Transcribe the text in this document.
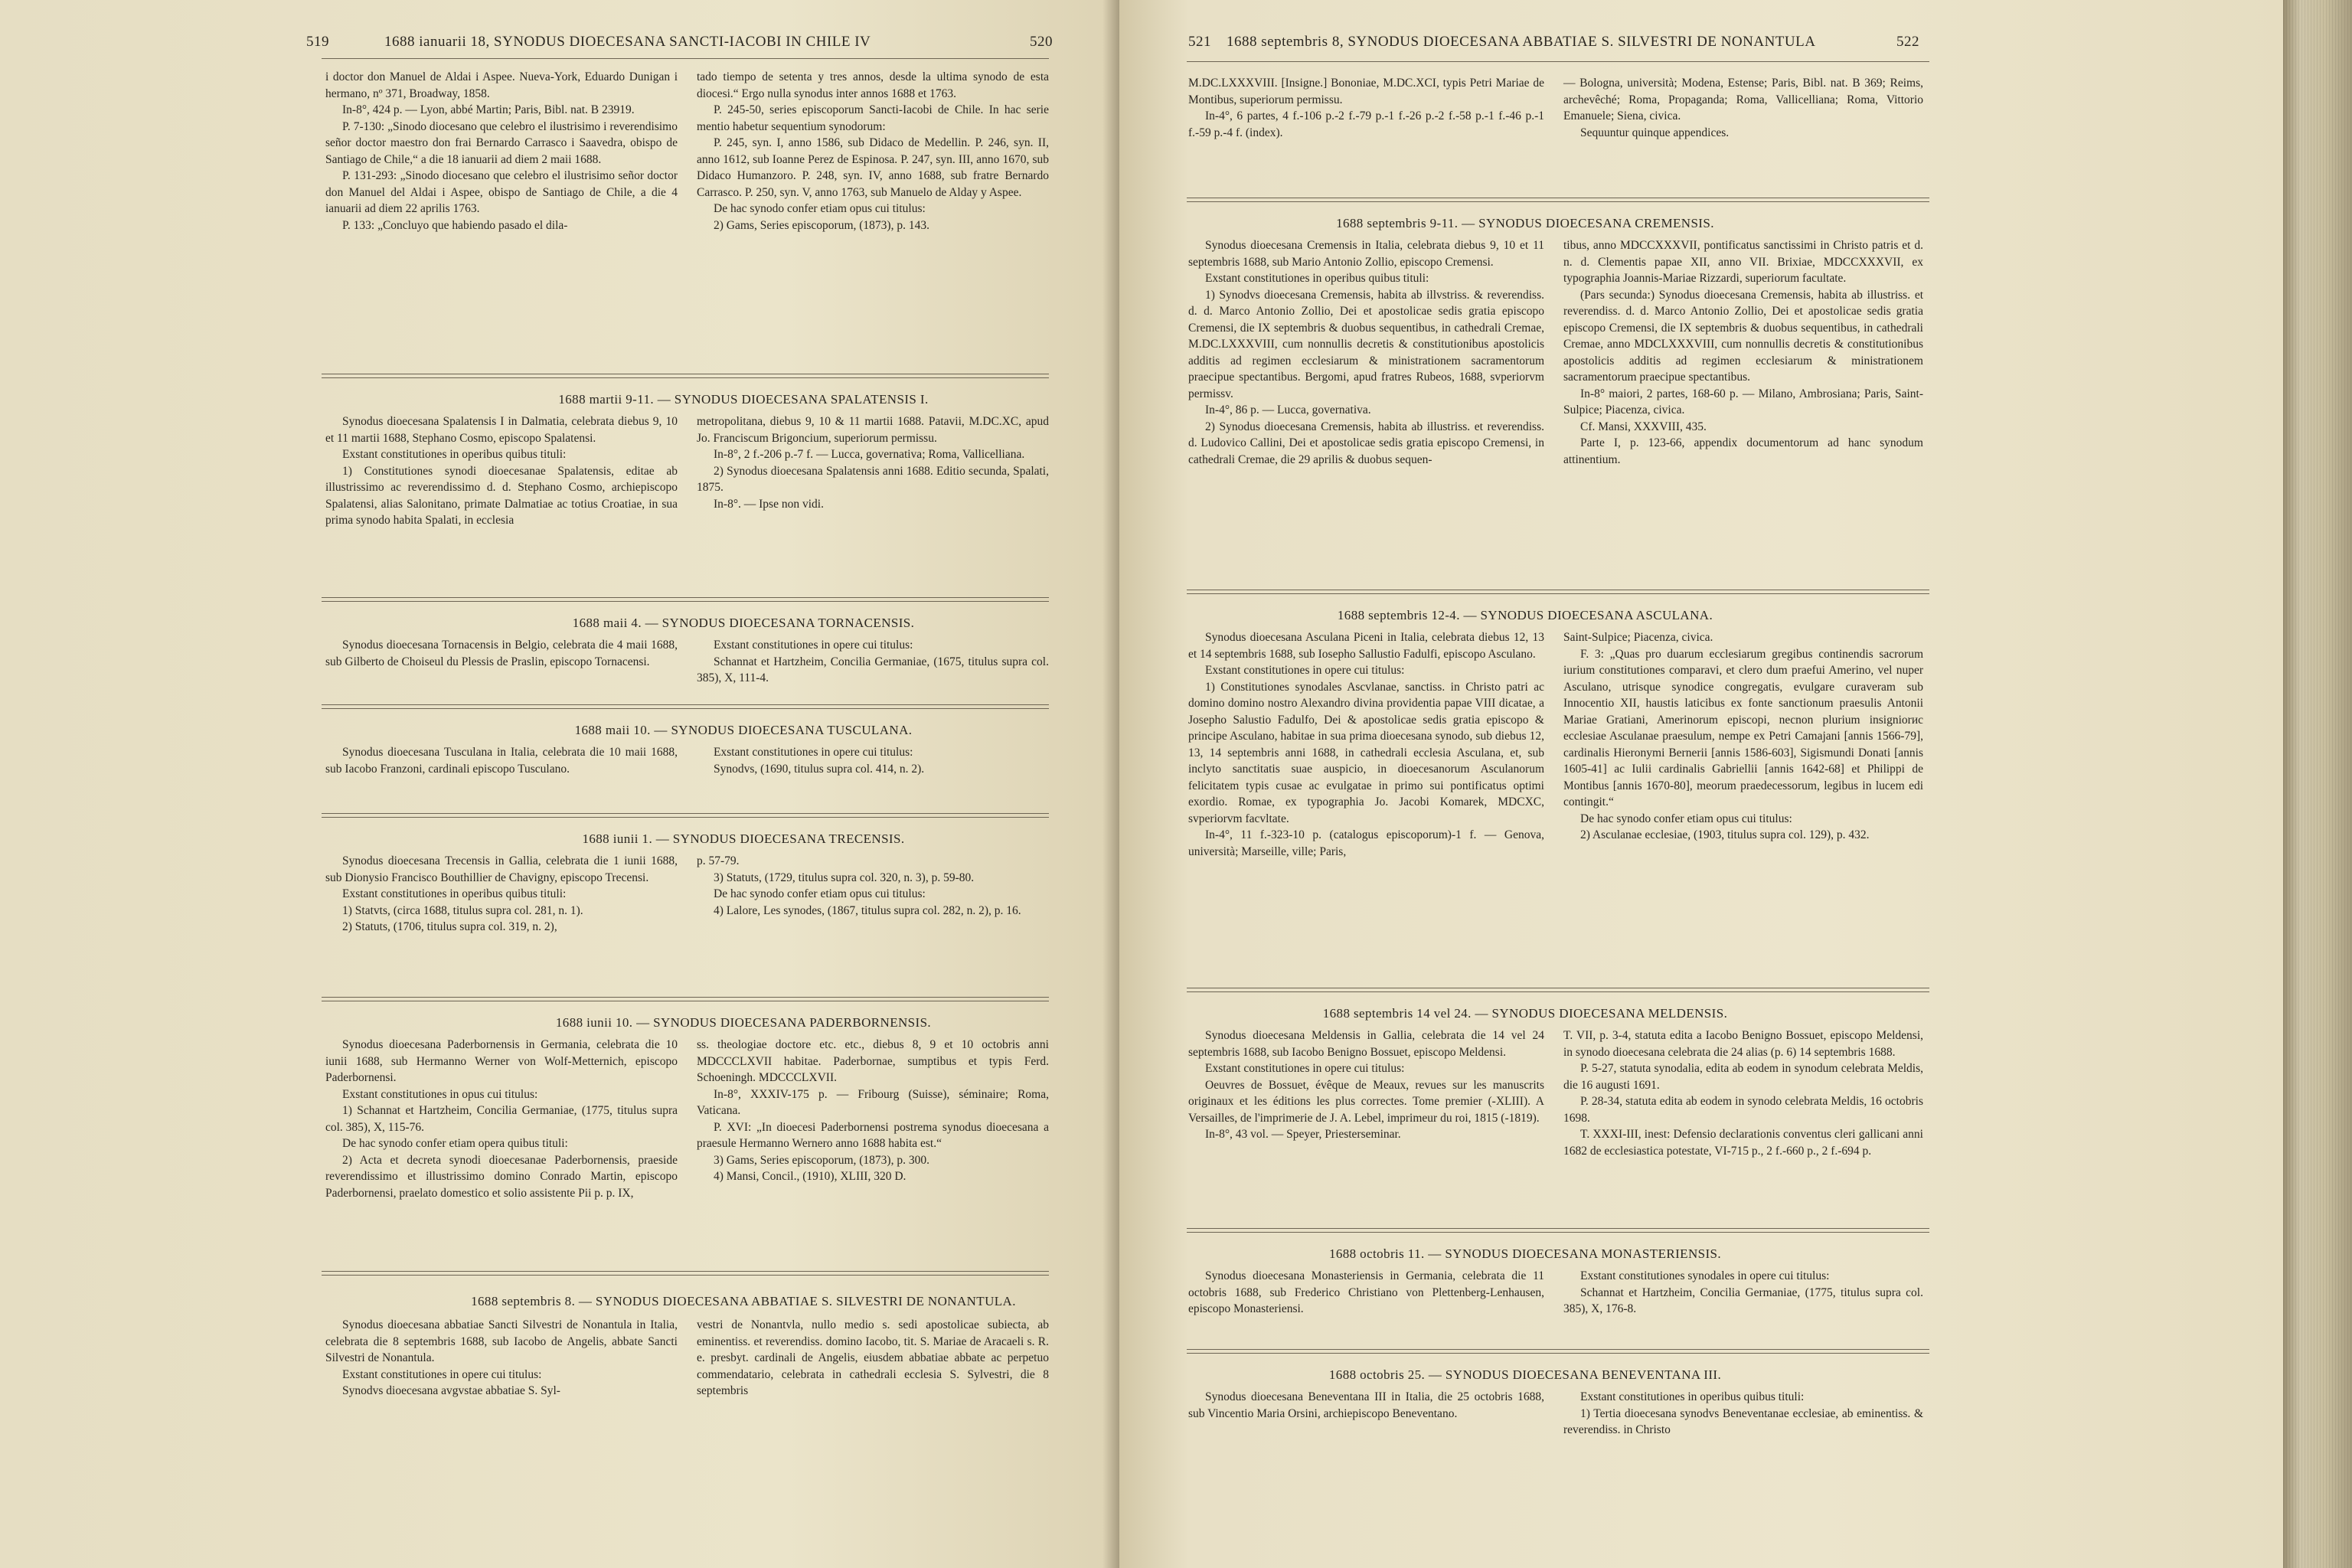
519	1688 ianuarii 18, SYNODUS DIOECESANA SANCTI-IACOBI IN CHILE IV	520

i doctor don Manuel de Aldai i Aspee. Nueva-York, Eduardo Dunigan i hermano, nº 371, Broadway, 1858.

In-8°, 424 p. — Lyon, abbé Martin; Paris, Bibl. nat. B 23919.

P. 7-130: „Sinodo diocesano que celebro el ilustrisimo i reverendisimo señor doctor maestro don frai Bernardo Carrasco i Saavedra, obispo de Santiago de Chile,“ a die 18 ianuarii ad diem 2 maii 1688.

P. 131-293: „Sinodo diocesano que celebro el ilustrisimo señor doctor don Manuel del Aldai i Aspee, obispo de Santiago de Chile, a die 4 ianuarii ad diem 22 aprilis 1763.

P. 133: „Concluyo que habiendo pasado el dila-

tado tiempo de setenta y tres annos, desde la ultima synodo de esta diocesi.“ Ergo nulla synodus inter annos 1688 et 1763.

P. 245-50, series episcoporum Sancti-Iacobi de Chile. In hac serie mentio habetur sequentium synodorum:

P. 245, syn. I, anno 1586, sub Didaco de Medellin. P. 246, syn. II, anno 1612, sub Ioanne Perez de Espinosa. P. 247, syn. III, anno 1670, sub Didaco Humanzoro. P. 248, syn. IV, anno 1688, sub fratre Bernardo Carrasco. P. 250, syn. V, anno 1763, sub Manuelo de Alday y Aspee.

De hac synodo confer etiam opus cui titulus:

2) Gams, Series episcoporum, (1873), p. 143.

1688 martii 9-11. — SYNODUS DIOECESANA SPALATENSIS I.

Synodus dioecesana Spalatensis I in Dalmatia, celebrata diebus 9, 10 et 11 martii 1688, Stephano Cosmo, episcopo Spalatensi.

Exstant constitutiones in operibus quibus tituli:

1) Constitutiones synodi dioecesanae Spalatensis, editae ab illustrissimo ac reverendissimo d. d. Stephano Cosmo, archiepiscopo Spalatensi, alias Salonitano, primate Dalmatiae ac totius Croatiae, in sua prima synodo habita Spalati, in ecclesia

metropolitana, diebus 9, 10 & 11 martii 1688. Patavii, M.DC.XC, apud Jo. Franciscum Brigoncium, superiorum permissu.

In-8°, 2 f.-206 p.-7 f. — Lucca, governativa; Roma, Vallicelliana.

2) Synodus dioecesana Spalatensis anni 1688. Editio secunda, Spalati, 1875.

In-8°. — Ipse non vidi.

1688 maii 4. — SYNODUS DIOECESANA TORNACENSIS.

Synodus dioecesana Tornacensis in Belgio, celebrata die 4 maii 1688, sub Gilberto de Choiseul du Plessis de Praslin, episcopo Tornacensi.

Exstant constitutiones in opere cui titulus:

Schannat et Hartzheim, Concilia Germaniae, (1675, titulus supra col. 385), X, 111-4.

1688 maii 10. — SYNODUS DIOECESANA TUSCULANA.

Synodus dioecesana Tusculana in Italia, celebrata die 10 maii 1688, sub Iacobo Franzoni, cardinali episcopo Tusculano.

Exstant constitutiones in opere cui titulus:

Synodvs, (1690, titulus supra col. 414, n. 2).

1688 iunii 1. — SYNODUS DIOECESANA TRECENSIS.

Synodus dioecesana Trecensis in Gallia, celebrata die 1 iunii 1688, sub Dionysio Francisco Bouthillier de Chavigny, episcopo Trecensi.

Exstant constitutiones in operibus quibus tituli:

1) Statvts, (circa 1688, titulus supra col. 281, n. 1).

2) Statuts, (1706, titulus supra col. 319, n. 2),

p. 57-79.

3) Statuts, (1729, titulus supra col. 320, n. 3), p. 59-80.

De hac synodo confer etiam opus cui titulus:

4) Lalore, Les synodes, (1867, titulus supra col. 282, n. 2), p. 16.

1688 iunii 10. — SYNODUS DIOECESANA PADERBORNENSIS.

Synodus dioecesana Paderbornensis in Germania, celebrata die 10 iunii 1688, sub Hermanno Werner von Wolf-Metternich, episcopo Paderbornensi.

Exstant constitutiones in opus cui titulus:

1) Schannat et Hartzheim, Concilia Germaniae, (1775, titulus supra col. 385), X, 115-76.

De hac synodo confer etiam opera quibus tituli:

2) Acta et decreta synodi dioecesanae Paderbornensis, praeside reverendissimo et illustrissimo domino Conrado Martin, episcopo Paderbornensi, praelato domestico et solio assistente Pii p. p. IX,

ss. theologiae doctore etc. etc., diebus 8, 9 et 10 octobris anni MDCCCLXVII habitae. Paderbornae, sumptibus et typis Ferd. Schoeningh. MDCCCLXVII.

In-8°, XXXIV-175 p. — Fribourg (Suisse), séminaire; Roma, Vaticana.

P. XVI: „In dioecesi Paderbornensi postrema synodus dioecesana a praesule Hermanno Wernero anno 1688 habita est.“

3) Gams, Series episcoporum, (1873), p. 300.

4) Mansi, Concil., (1910), XLIII, 320 D.

1688 septembris 8. — SYNODUS DIOECESANA ABBATIAE S. SILVESTRI DE NONANTULA.

Synodus dioecesana abbatiae Sancti Silvestri de Nonantula in Italia, celebrata die 8 septembris 1688, sub Iacobo de Angelis, abbate Sancti Silvestri de Nonantula.

Exstant constitutiones in opere cui titulus:

Synodvs dioecesana avgvstae abbatiae S. Syl-

vestri de Nonantvla, nullo medio s. sedi apostolicae subiecta, ab eminentiss. et reverendiss. domino Iacobo, tit. S. Mariae de Aracaeli s. R. e. presbyt. cardinali de Angelis, eiusdem abbatiae abbate ac perpetuo commendatario, celebrata in cathedrali ecclesia S. Sylvestri, die 8 septembris

521 1688 septembris 8, SYNODUS DIOECESANA ABBATIAE S. SILVESTRI DE NONANTULA	522

M.DC.LXXXVIII. [Insigne.] Bononiae, M.DC.XCI, typis Petri Mariae de Montibus, superiorum permissu.

In-4°, 6 partes, 4 f.-106 p.-2 f.-79 p.-1 f.-26 p.-2 f.-58 p.-1 f.-46 p.-1 f.-59 p.-4 f. (index).

— Bologna, università; Modena, Estense; Paris, Bibl. nat. B 369; Reims, archevêché; Roma, Propaganda; Roma, Vallicelliana; Roma, Vittorio Emanuele; Siena, civica.

Sequuntur quinque appendices.

1688 septembris 9-11. — SYNODUS DIOECESANA CREMENSIS.

Synodus dioecesana Cremensis in Italia, celebrata diebus 9, 10 et 11 septembris 1688, sub Mario Antonio Zollio, episcopo Cremensi.

Exstant constitutiones in operibus quibus tituli:

1) Synodvs dioecesana Cremensis, habita ab illvstriss. & reverendiss. d. d. Marco Antonio Zollio, Dei et apostolicae sedis gratia episcopo Cremensi, die IX septembris & duobus sequentibus, in cathedrali Cremae, M.DC.LXXXVIII, cum nonnullis decretis & constitutionibus apostolicis additis ad regimen ecclesiarum & ministrationem sacramentorum praecipue spectantibus. Bergomi, apud fratres Rubeos, 1688, svperiorvm permissv.

In-4°, 86 p. — Lucca, governativa.

2) Synodus dioecesana Cremensis, habita ab illustriss. et reverendiss. d. Ludovico Callini, Dei et apostolicae sedis gratia episcopo Cremensi, in cathedrali Cremae, die 29 aprilis & duobus sequen-

tibus, anno MDCCXXXVII, pontificatus sanctissimi in Christo patris et d. n. d. Clementis papae XII, anno VII. Brixiae, MDCCXXXVII, ex typographia Joannis-Mariae Rizzardi, superiorum facultate.

(Pars secunda:) Synodus dioecesana Cremensis, habita ab illustriss. et reverendiss. d. d. Marco Antonio Zollio, Dei et apostolicae sedis gratia episcopo Cremensi, die IX septembris & duobus sequentibus, in cathedrali Cremae, anno MDCLXXXVIII, cum nonnullis decretis & constitutionibus apostolicis additis ad regimen ecclesiarum & ministrationem sacramentorum praecipue spectantibus.

In-8° maiori, 2 partes, 168-60 p. — Milano, Ambrosiana; Paris, Saint-Sulpice; Piacenza, civica.

Cf. Mansi, XXXVIII, 435.

Parte I, p. 123-66, appendix documentorum ad hanc synodum attinentium.

1688 septembris 12-4. — SYNODUS DIOECESANA ASCULANA.

Synodus dioecesana Asculana Piceni in Italia, celebrata diebus 12, 13 et 14 septembris 1688, sub Iosepho Sallustio Fadulfi, episcopo Asculano.

Exstant constitutiones in opere cui titulus:

1) Constitutiones synodales Ascvlanae, sanctiss. in Christo patri ac domino domino nostro Alexandro divina providentia papae VIII dicatae, a Josepho Salustio Fadulfo, Dei & apostolicae sedis gratia episcopo & principe Asculano, habitae in sua prima dioecesana synodo, sub diebus 12, 13, 14 septembris anni 1688, in cathedrali ecclesia Asculana, et, sub inclyto sanctitatis suae auspicio, in dioecesanorum Asculanorum felicitatem typis cusae ac evulgatae in primo sui pontificatus optimi exordio. Romae, ex typographia Jo. Jacobi Komarek, MDCXC, svperiorvm facvltate.

In-4°, 11 f.-323-10 p. (catalogus episcoporum)-1 f. — Genova, università; Marseille, ville; Paris,

Saint-Sulpice; Piacenza, civica.

F. 3: „Quas pro duarum ecclesiarum gregibus continendis sacrorum iurium constitutiones comparavi, et clero dum praefui Amerino, vel nuper Asculano, utrisque synodice congregatis, evulgare curaveram sub Innocentio XII, haustis laticibus ex fonte sanctionum praesulis Antonii Mariae Gratiani, Amerinorum episcopi, necnon plurium insigniorис ecclesiae Asculanae praesulum, nempe ex Petri Camajani [annis 1566-79], cardinalis Hieronymi Bernerii [annis 1586-603], Sigismundi Donati [annis 1605-41] ac Iulii cardinalis Gabriellii [annis 1642-68] et Philippi de Montibus [annis 1670-80], meorum praedecessorum, legibus in lucem edi contingit.“

De hac synodo confer etiam opus cui titulus:

2) Asculanae ecclesiae, (1903, titulus supra col. 129), p. 432.

1688 septembris 14 vel 24. — SYNODUS DIOECESANA MELDENSIS.

Synodus dioecesana Meldensis in Gallia, celebrata die 14 vel 24 septembris 1688, sub Iacobo Benigno Bossuet, episcopo Meldensi.

Exstant constitutiones in opere cui titulus:

Oeuvres de Bossuet, évêque de Meaux, revues sur les manuscrits originaux et les éditions les plus correctes. Tome premier (-XLIII). A Versailles, de l'imprimerie de J. A. Lebel, imprimeur du roi, 1815 (-1819).

In-8°, 43 vol. — Speyer, Priesterseminar.

T. VII, p. 3-4, statuta edita a Iacobo Benigno Bossuet, episcopo Meldensi, in synodo dioecesana celebrata die 24 alias (p. 6) 14 septembris 1688.

P. 5-27, statuta synodalia, edita ab eodem in synodum celebrata Meldis, die 16 augusti 1691.

P. 28-34, statuta edita ab eodem in synodo celebrata Meldis, 16 octobris 1698.

T. XXXI-III, inest: Defensio declarationis conventus cleri gallicani anni 1682 de ecclesiastica potestate, VI-715 p., 2 f.-660 p., 2 f.-694 p.

1688 octobris 11. — SYNODUS DIOECESANA MONASTERIENSIS.

Synodus dioecesana Monasteriensis in Germania, celebrata die 11 octobris 1688, sub Frederico Christiano von Plettenberg-Lenhausen, episcopo Monasteriensi.

Exstant constitutiones synodales in opere cui titulus:

Schannat et Hartzheim, Concilia Germaniae, (1775, titulus supra col. 385), X, 176-8.

1688 octobris 25. — SYNODUS DIOECESANA BENEVENTANA III.

Synodus dioecesana Beneventana III in Italia, die 25 octobris 1688, sub Vincentio Maria Orsini, archiepiscopo Beneventano.

Exstant constitutiones in operibus quibus tituli:

1) Tertia dioecesana synodvs Beneventanae ecclesiae, ab eminentiss. & reverendiss. in Christo
